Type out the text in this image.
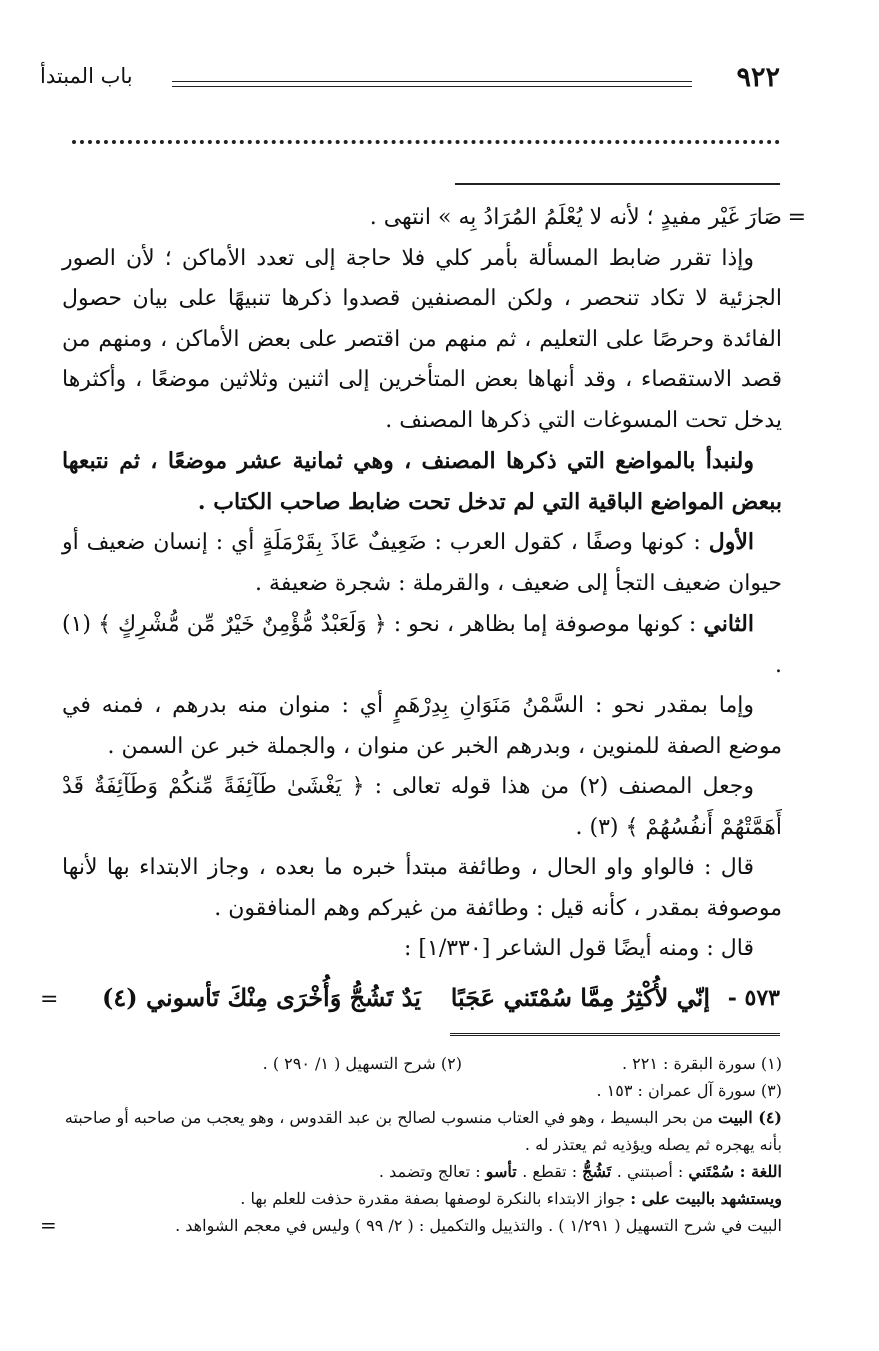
٩٢٢
باب المبتدأ

=
صَارَ غَيْر مفيدٍ ؛ لأنه لا يُعْلَمُ المُرَادُ بِه » انتهى .

وإذا تقرر ضابط المسألة بأمر كلي فلا حاجة إلى تعدد الأماكن ؛ لأن الصور الجزئية لا تكاد تنحصر ، ولكن المصنفين قصدوا ذكرها تنبيهًا على بيان حصول الفائدة وحرصًا على التعليم ، ثم منهم من اقتصر على بعض الأماكن ، ومنهم من قصد الاستقصاء ، وقد أنهاها بعض المتأخرين إلى اثنين وثلاثين موضعًا ، وأكثرها يدخل تحت المسوغات التي ذكرها المصنف .

ولنبدأ بالمواضع التي ذكرها المصنف ، وهي ثمانية عشر موضعًا ، ثم نتبعها ببعض المواضع الباقية التي لم تدخل تحت ضابط صاحب الكتاب .

الأول : كونها وصفًا ، كقول العرب : ضَعِيفٌ عَاذَ بِقَرْمَلَةٍ أي : إنسان ضعيف أو حيوان ضعيف التجأ إلى ضعيف ، والقرملة : شجرة ضعيفة .

الثاني : كونها موصوفة إما بظاهر ، نحو : ﴿ وَلَعَبْدٌ مُّؤْمِنٌ خَيْرٌ مِّن مُّشْرِكٍ ﴾ (١) .

وإما بمقدر نحو : السَّمْنُ مَنَوَانِ بِدِرْهَمٍ أي : منوان منه بدرهم ، فمنه في موضع الصفة للمنوين ، وبدرهم الخبر عن منوان ، والجملة خبر عن السمن .

وجعل المصنف (٢) من هذا قوله تعالى : ﴿ يَغْشَىٰ طَآئِفَةً مِّنكُمْ وَطَآئِفَةٌ قَدْ أَهَمَّتْهُمْ أَنفُسُهُمْ ﴾ (٣) .

قال : فالواو واو الحال ، وطائفة مبتدأ خبره ما بعده ، وجاز الابتداء بها لأنها موصوفة بمقدر ، كأنه قيل : وطائفة من غيركم وهم المنافقون .

قال : ومنه أيضًا قول الشاعر [١/٣٣٠] :

٥٧٣ -
إنّي لأُكْثِرُ مِمَّا سُمْتَني عَجَبًا
يَدٌ تَشُجُّ وَأُخْرَى مِنْكَ تَأسوني (٤)
=
(١) سورة البقرة : ٢٢١ .
(٢) شرح التسهيل ( ١/ ٢٩٠ ) .

(٣) سورة آل عمران : ١٥٣ .

(٤) البيت من بحر البسيط ، وهو في العتاب منسوب لصالح بن عبد القدوس ، وهو يعجب من صاحبه أو صاحبته بأنه يهجره ثم يصله ويؤذيه ثم يعتذر له .

اللغة : سُمْتَني : أصبتني . تَشُجُّ : تقطع . تأسو : تعالج وتضمد .

ويستشهد بالبيت على : جواز الابتداء بالنكرة لوصفها بصفة مقدرة حذفت للعلم بها .

البيت في شرح التسهيل ( ١/٢٩١ ) . والتذييل والتكميل : ( ٢/ ٩٩ ) وليس في معجم الشواهد .
=
